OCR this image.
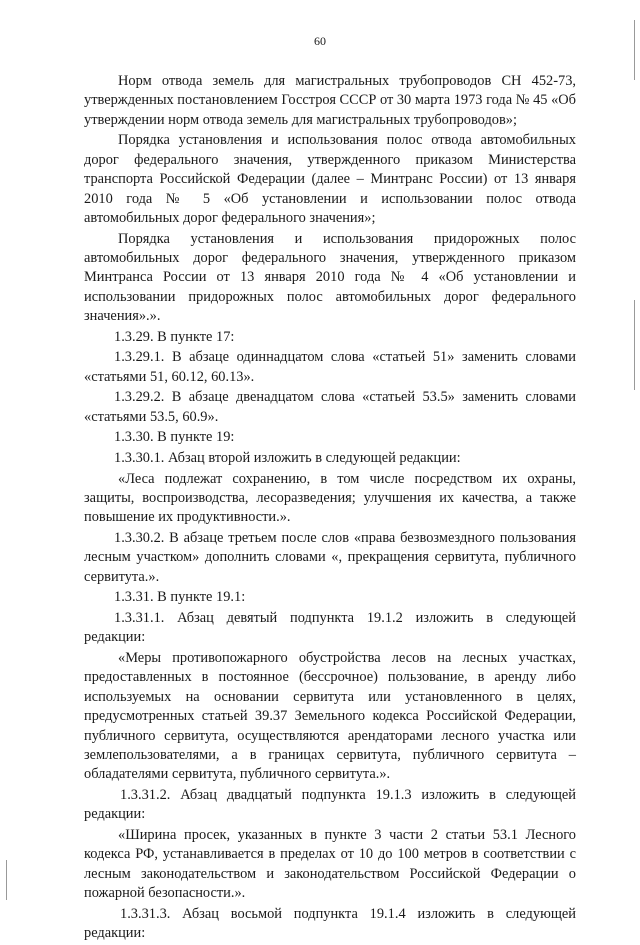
60

Норм отвода земель для магистральных трубопроводов СН 452-73, утвержденных постановлением Госстроя СССР от 30 марта 1973 года № 45 «Об утверждении норм отвода земель для магистральных трубопроводов»;

Порядка установления и использования полос отвода автомобильных дорог федерального значения, утвержденного приказом Министерства транспорта Российской Федерации (далее – Минтранс России) от 13 января 2010 года № 5 «Об установлении и использовании полос отвода автомобильных дорог федерального значения»;

Порядка установления и использования придорожных полос автомобильных дорог федерального значения, утвержденного приказом Минтранса России от 13 января 2010 года № 4 «Об установлении и использовании придорожных полос автомобильных дорог федерального значения».».

1.3.29. В пункте 17:

1.3.29.1. В абзаце одиннадцатом слова «статьей 51» заменить словами «статьями 51, 60.12, 60.13».

1.3.29.2. В абзаце двенадцатом слова «статьей 53.5» заменить словами «статьями 53.5, 60.9».

1.3.30. В пункте 19:

1.3.30.1. Абзац второй изложить в следующей редакции:

«Леса подлежат сохранению, в том числе посредством их охраны, защиты, воспроизводства, лесоразведения; улучшения их качества, а также повышение их продуктивности.».

1.3.30.2. В абзаце третьем после слов «права безвозмездного пользования лесным участком» дополнить словами «, прекращения сервитута, публичного сервитута.».

1.3.31. В пункте 19.1:

1.3.31.1. Абзац девятый подпункта 19.1.2 изложить в следующей редакции:

«Меры противопожарного обустройства лесов на лесных участках, предоставленных в постоянное (бессрочное) пользование, в аренду либо используемых на основании сервитута или установленного в целях, предусмотренных статьей 39.37 Земельного кодекса Российской Федерации, публичного сервитута, осуществляются арендаторами лесного участка или землепользователями, а в границах сервитута, публичного сервитута – обладателями сервитута, публичного сервитута.».

1.3.31.2. Абзац двадцатый подпункта 19.1.3 изложить в следующей редакции:

«Ширина просек, указанных в пункте 3 части 2 статьи 53.1 Лесного кодекса РФ, устанавливается в пределах от 10 до 100 метров в соответствии с лесным законодательством и законодательством Российской Федерации о пожарной безопасности.».

1.3.31.3. Абзац восьмой подпункта 19.1.4 изложить в следующей редакции:
